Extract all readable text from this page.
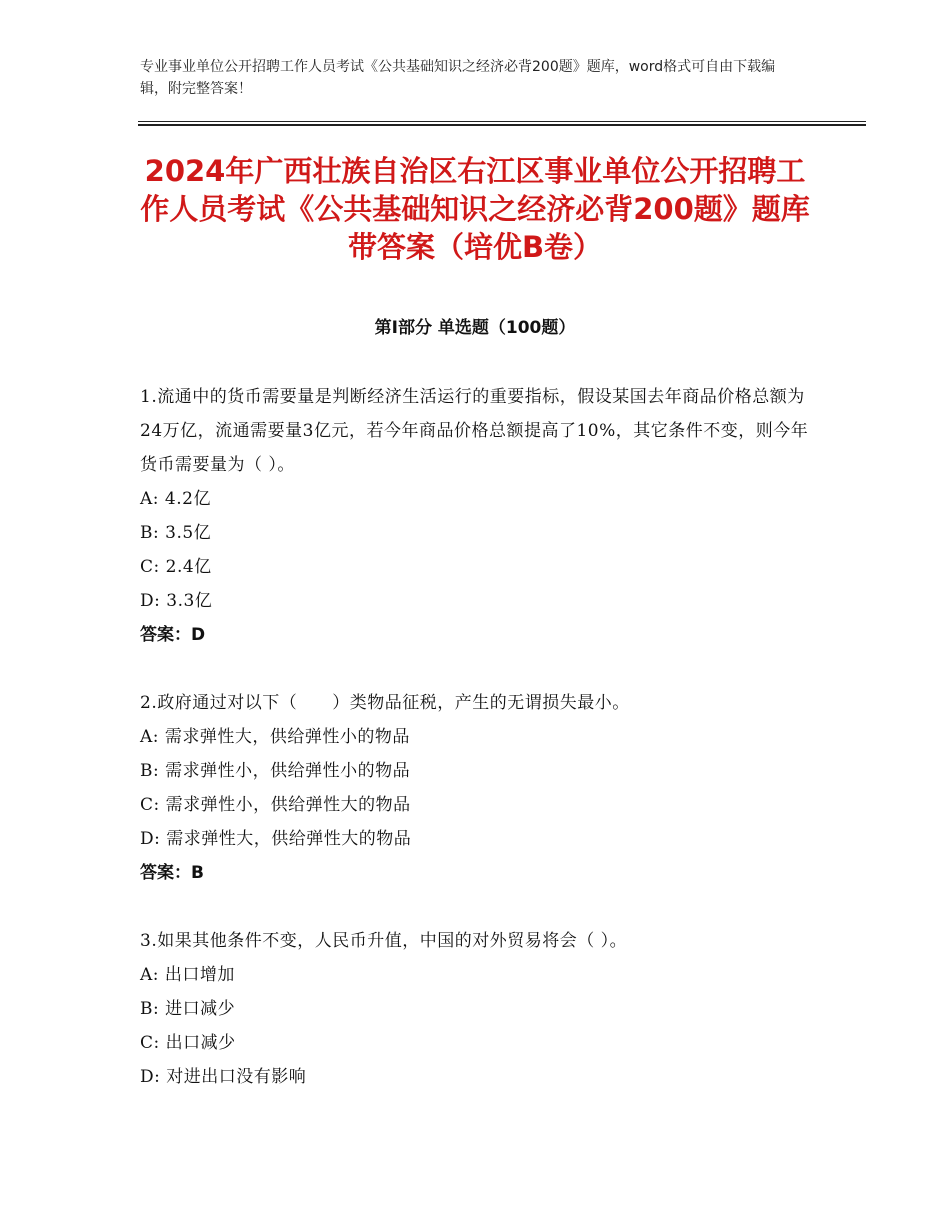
专业事业单位公开招聘工作人员考试《公共基础知识之经济必背200题》题库，word格式可自由下载编辑，附完整答案！
2024年广西壮族自治区右江区事业单位公开招聘工作人员考试《公共基础知识之经济必背200题》题库带答案（培优B卷）
第Ⅰ部分 单选题（100题）
1.流通中的货币需要量是判断经济生活运行的重要指标，假设某国去年商品价格总额为24万亿，流通需要量3亿元，若今年商品价格总额提高了10%，其它条件不变，则今年货币需要量为（ ）。
A: 4.2亿
B: 3.5亿
C: 2.4亿
D: 3.3亿
答案：D
2.政府通过对以下（　　）类物品征税，产生的无谓损失最小。
A: 需求弹性大，供给弹性小的物品
B: 需求弹性小，供给弹性小的物品
C: 需求弹性小，供给弹性大的物品
D: 需求弹性大，供给弹性大的物品
答案：B
3.如果其他条件不变，人民币升值，中国的对外贸易将会（ ）。
A: 出口增加
B: 进口减少
C: 出口减少
D: 对进出口没有影响
